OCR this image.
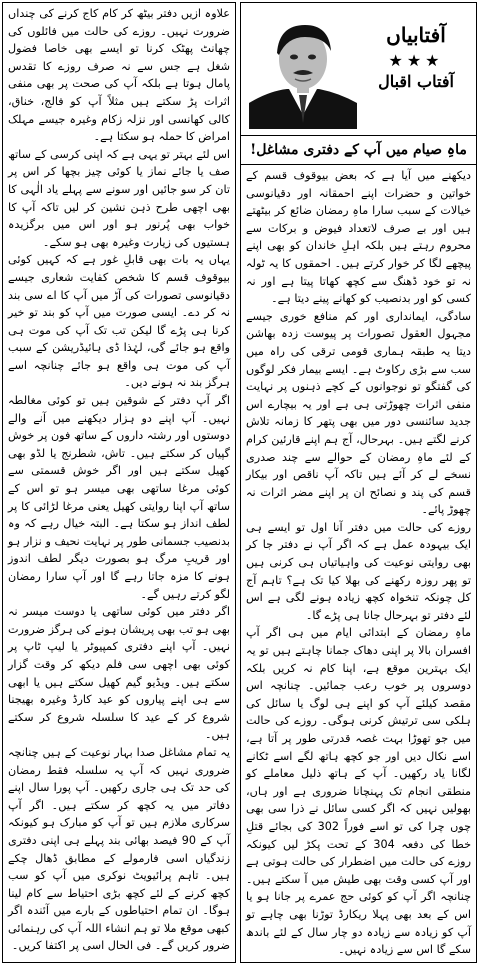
علاوہ ازیں دفتر بیٹھ کر کام کاج کرنے کی چنداں ضرورت نہیں۔ روزے کی حالت میں فائلوں کی چھانٹ پھٹک کرنا تو ایسے بھی خاصا فضول شغل ہے جس سے نہ صرف روزے کا تقدس پامال ہوتا ہے بلکہ آپ کی صحت پر بھی منفی اثرات پڑ سکتے ہیں مثلاً آپ کو فالج، خناق، کالی کھانسی اور نزلہ زکام وغیرہ جیسے مہلک امراض کا حملہ ہو سکتا ہے۔

اس لئے بہتر تو یہی ہے کہ اپنی کرسی کے ساتھ صف یا جائے نماز یا کوئی چیز بچھا کر اس پر تان کر سو جائیں اور سونے سے پہلے یاد الٰہی کا بھی اچھی طرح ذہن نشین کر لیں تاکہ آپ کا خواب بھی پُرنور ہو اور اس میں برگزیدہ ہستیوں کی زیارت وغیرہ بھی ہو سکے۔

یہاں یہ بات بھی قابلِ غور ہے کہ کہیں کوئی بیوقوف قسم کا شخص کفایت شعاری جیسے دقیانوسی تصورات کی آڑ میں آپ کا اے سی بند نہ کر دے۔ ایسی صورت میں آپ کو بند تو خیر کرنا ہی پڑے گا لیکن تب تک آپ کی موت ہی واقع ہو جائے گی، لہٰذا ڈی ہائیڈریشن کے سبب آپ کی موت ہی واقع ہو جائے چنانچہ اسے ہرگز بند نہ ہونے دیں۔

اگر آپ دفتر کے شوقین ہیں تو کوئی مغالطہ نہیں۔ آپ اپنے دو ہزار دیکھنے میں آنے والے دوستوں اور رشتہ داروں کے ساتھ فون پر خوش گپیاں کر سکتے ہیں۔ تاش، شطرنج یا لڈو بھی کھیل سکتے ہیں اور اگر خوش قسمتی سے کوئی مرغا ساتھی بھی میسر ہو تو اس کے ساتھ آپ اپنا روایتی کھیل یعنی مرغا لڑائی کا پر لطف انداز ہو سکتا ہے۔ البتہ خیال رہے کہ وہ بدنصیب جسمانی طور پر نہایت نحیف و نزار ہو اور قریبِ مرگ ہو بصورت دیگر لطف اندوز ہونے کا مزہ جاتا رہے گا اور آپ سارا رمضان لگو کرتے رہیں گے۔

اگر دفتر میں کوئی ساتھی یا دوست میسر نہ بھی ہو تب بھی پریشان ہونے کی ہرگز ضرورت نہیں۔ آپ اپنے دفتری کمپیوٹر یا لیپ ٹاپ پر کوئی بھی اچھی سی فلم دیکھ کر وقت گزار سکتے ہیں۔ ویڈیو گیم کھیل سکتے ہیں یا ابھی سے ہی اپنے پیاروں کو عید کارڈ وغیرہ بھیجنا شروع کر کے عید کا سلسلہ شروع کر سکتے ہیں۔

یہ تمام مشاغل صدا بہار نوعیت کے ہیں چنانچہ ضروری نہیں کہ آپ یہ سلسلہ فقط رمضان کی حد تک ہی جاری رکھیں۔ آپ پورا سال اپنے دفاتر میں یہ کچھ کر سکتے ہیں۔ اگر آپ سرکاری ملازم ہیں تو آپ کو مبارک ہو کیونکہ آپ کے 90 فیصد بھائی بند پہلے ہی اپنی دفتری زندگیاں اسی فارمولے کے مطابق ڈھال چکے ہیں۔ تاہم پرائیویٹ نوکری میں آپ کو سب کچھ کرنے کے لئے کچھ بڑی احتیاط سے کام لینا ہوگا۔ ان تمام احتیاطوں کے بارے میں آئندہ اگر کبھی موقع ملا تو ہم انشاء اللہ آپ کی رہنمائی ضرور کریں گے۔ فی الحال اسی پر اکتفا کریں۔

آفتابیاں
★★★
آفتاب اقبال
ماہِ صیام میں آپ کے دفتری مشاغل!

دیکھنے میں آیا ہے کہ بعض بیوقوف قسم کے خواتین و حضرات اپنے احمقانہ اور دقیانوسی خیالات کے سبب سارا ماہِ رمضان ضائع کر بیٹھتے ہیں اور بے صرف لاتعداد فیوض و برکات سے محروم رہتے ہیں بلکہ اہلِ خاندان کو بھی اپنے پیچھے لگا کر خوار کرتے ہیں۔ احمقوں کا یہ ٹولہ نہ تو خود ڈھنگ سے کچھ کھاتا پیتا ہے اور نہ کسی کو اور بدنصیب کو کھانے پینے دیتا ہے۔

سادگی، ایمانداری اور کم منافع خوری جیسے مجہول العقول تصورات پر پیوست زدہ بھاشن دیتا یہ طبقہ ہماری قومی ترقی کی راہ میں سب سے بڑی رکاوٹ ہے۔ ایسے بیمار فکر لوگوں کی گفتگو تو نوجوانوں کے کچے ذہنوں پر نہایت منفی اثرات چھوڑتی ہی ہے اور یہ بیچارے اس جدید سائنسی دور میں بھی پتھر کا زمانہ تلاش کرنے لگتے ہیں۔ بہرحال، آج ہم اپنے قارئین کرام کے لئے ماہِ رمضان کے حوالے سے چند صدری نسخے لے کر آئے ہیں تاکہ آپ ناقص اور بیکار قسم کی پند و نصائح ان پر اپنے مضر اثرات نہ چھوڑ پائے۔

روزے کی حالت میں دفتر آنا اول تو ایسے ہی ایک بیہودہ عمل ہے کہ اگر آپ نے دفتر جا کر بھی روایتی نوعیت کی واہیاتیاں ہی کرنی ہیں تو پھر روزہ رکھنے کی بھلا کیا تک ہے؟ تاہم آج کل چونکہ تنخواہ کچھ زیادہ ہونے لگی ہے اس لئے دفتر تو بہرحال جانا ہی پڑے گا۔

ماہِ رمضان کے ابتدائی ایام میں ہی اگر آپ افسران بالا پر اپنی دھاک جمانا چاہتے ہیں تو یہ ایک بہترین موقع ہے، اپنا کام نہ کریں بلکہ دوسروں پر خوب رعب جمائیں۔ چنانچہ اس مقصد کیلئے آپ کو اپنے ہی لوگ یا سائل کی ہلکی سی ترتیش کرنی ہوگی۔ روزے کی حالت میں جو تھوڑا بہت غصہ قدرتی طور پر آتا ہے، اسے نکال دیں اور جو کچھ ہاتھ لگے اسے ٹکانے لگانا یاد رکھیں۔ آپ کے ہاتھ ذلیل معاملے کو منطقی انجام تک پہنچانا ضروری ہے اور ہاں، بھولیں نہیں کہ اگر کسی سائل نے ذرا سی بھی چوں چرا کی تو اسے فوراً 302 کی بجائے قتلِ خطا کی دفعہ 304 کے تحت پکڑ لیں کیونکہ روزے کی حالت میں اضطرار کی حالت ہوتی ہے اور آپ کسی وقت بھی طیش میں آ سکتے ہیں۔ چنانچہ اگر آپ کو کوئی حج عمرے پر جانا ہو یا اس کے بعد بھی پہلا ریکارڈ توڑنا بھی چاہے تو آپ کو زیادہ سے زیادہ دو چار سال کے لئے باندھ سکے گا اس سے زیادہ نہیں۔
